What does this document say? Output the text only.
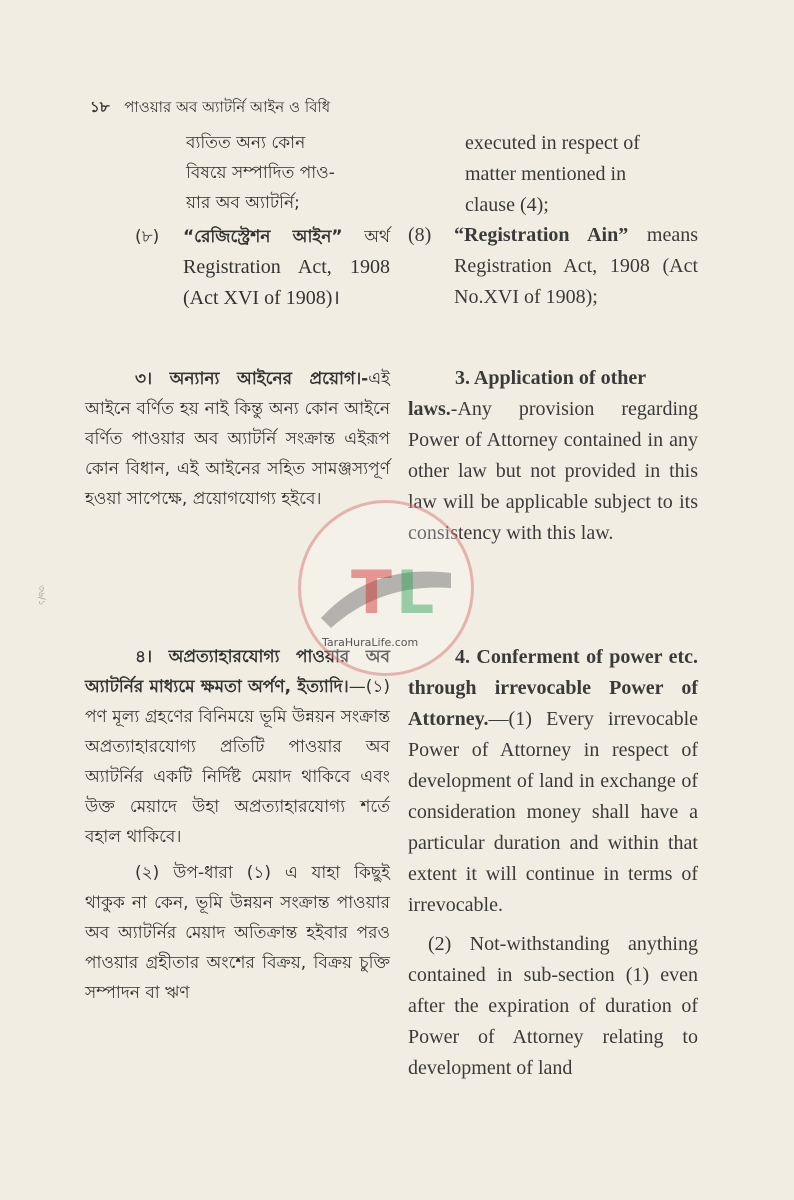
১৮ পাওয়ার অব অ্যাটর্নি আইন ও বিধি
ব্যতিত অন্য কোন
বিষয়ে সম্পাদিত পাও-
য়ার অব অ্যাটর্নি;
(৮)	“রেজিস্ট্রেশন আইন” অর্থ Registration Act, 1908 (Act XVI of 1908)।
৩। অন্যান্য আইনের প্রয়োগ।-এই আইনে বর্ণিত হয় নাই কিন্তু অন্য কোন আইনে বর্ণিত পাওয়ার অব অ্যাটর্নি সংক্রান্ত এইরূপ কোন বিধান, এই আইনের সহিত সামঞ্জস্যপূর্ণ হওয়া সাপেক্ষে, প্রয়োগযোগ্য হইবে।
৪। অপ্রত্যাহারযোগ্য পাওয়ার অব অ্যাটর্নির মাধ্যমে ক্ষমতা অর্পণ, ইত্যাদি।—(১) পণ মূল্য গ্রহণের বিনিময়ে ভূমি উন্নয়ন সংক্রান্ত অপ্রত্যাহারযোগ্য প্রতিটি পাওয়ার অব অ্যাটর্নির একটি নির্দিষ্ট মেয়াদ থাকিবে এবং উক্ত মেয়াদে উহা অপ্রত্যাহারযোগ্য শর্তে বহাল থাকিবে।
(২) উপ-ধারা (১) এ যাহা কিছুই থাকুক না কেন, ভূমি উন্নয়ন সংক্রান্ত পাওয়ার অব অ্যাটর্নির মেয়াদ অতিক্রান্ত হইবার পরও পাওয়ার গ্রহীতার অংশের বিক্রয়, বিক্রয় চুক্তি সম্পাদন বা ঋণ
executed in respect of
matter mentioned in
clause (4);
(8)	“Registration Ain” means Registration Act, 1908 (Act No.XVI of 1908);
3. Application of other
laws.-Any provision regarding Power of Attorney contained in any other law but not provided in this law will be applicable subject to its consistency with this law.
4. Conferment of power etc. through irrevocable Power of Attorney.—(1) Every irrevocable Power of Attorney in respect of development of land in exchange of consideration money shall have a particular duration and within that extent it will continue in terms of irrevocable.
(2) Not-withstanding anything contained in sub-section (1) even after the expiration of duration of Power of Attorney relating to development of land
T L
TaraHuraLife.com
৩৬/১
